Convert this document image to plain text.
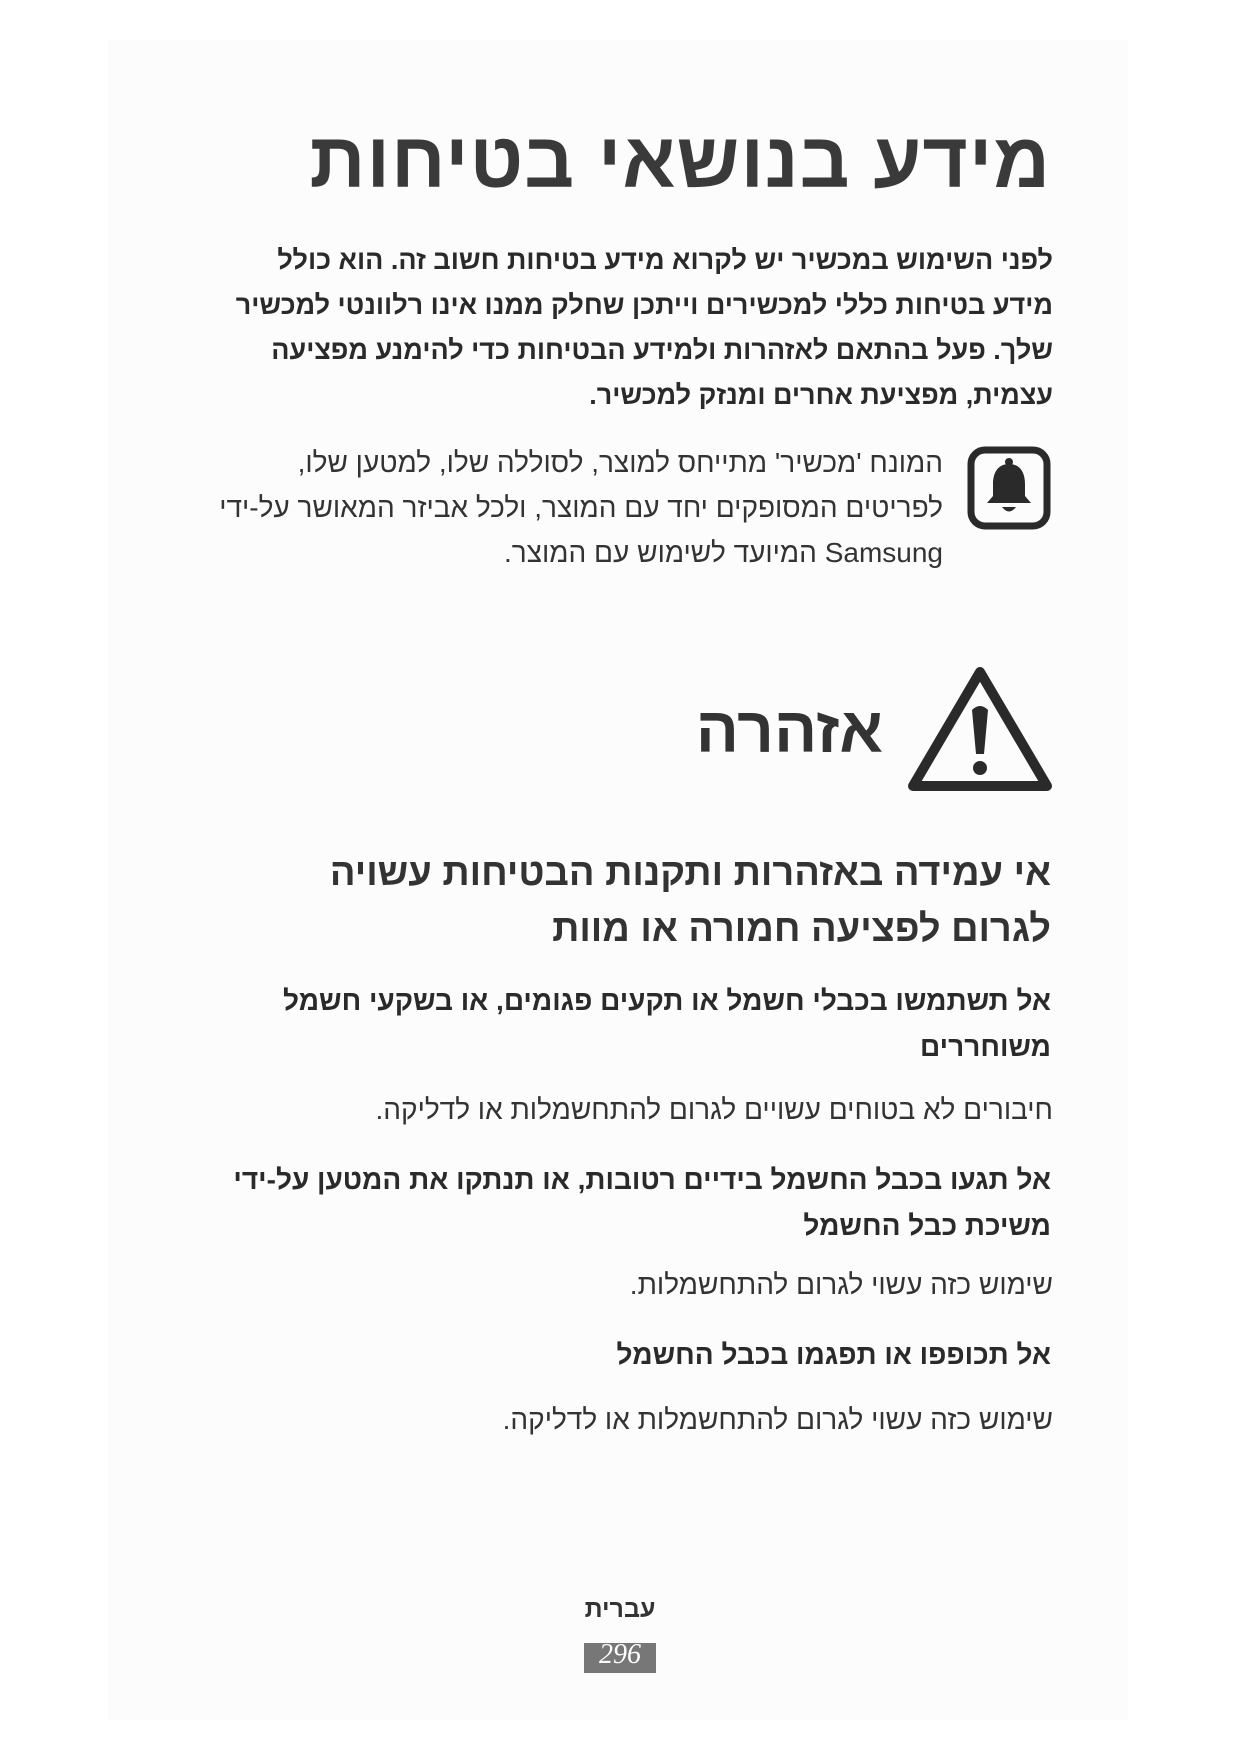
מידע בנושאי בטיחות

לפני השימוש במכשיר יש לקרוא מידע בטיחות חשוב זה. הוא כולל מידע בטיחות כללי למכשירים וייתכן שחלק ממנו אינו רלוונטי למכשיר שלך. פעל בהתאם לאזהרות ולמידע הבטיחות כדי להימנע מפציעה עצמית, מפציעת אחרים ומנזק למכשיר.

המונח 'מכשיר' מתייחס למוצר, לסוללה שלו, למטען שלו, לפריטים המסופקים יחד עם המוצר, ולכל אביזר המאושר על-ידי Samsung המיועד לשימוש עם המוצר.

אזהרה
אי עמידה באזהרות ותקנות הבטיחות עשויה לגרום לפציעה חמורה או מוות
אל תשתמשו בכבלי חשמל או תקעים פגומים, או בשקעי חשמל משוחררים

חיבורים לא בטוחים עשויים לגרום להתחשמלות או לדליקה.

אל תגעו בכבל החשמל בידיים רטובות, או תנתקו את המטען על-ידי משיכת כבל החשמל

שימוש כזה עשוי לגרום להתחשמלות.

אל תכופפו או תפגמו בכבל החשמל

שימוש כזה עשוי לגרום להתחשמלות או לדליקה.

עברית

296
